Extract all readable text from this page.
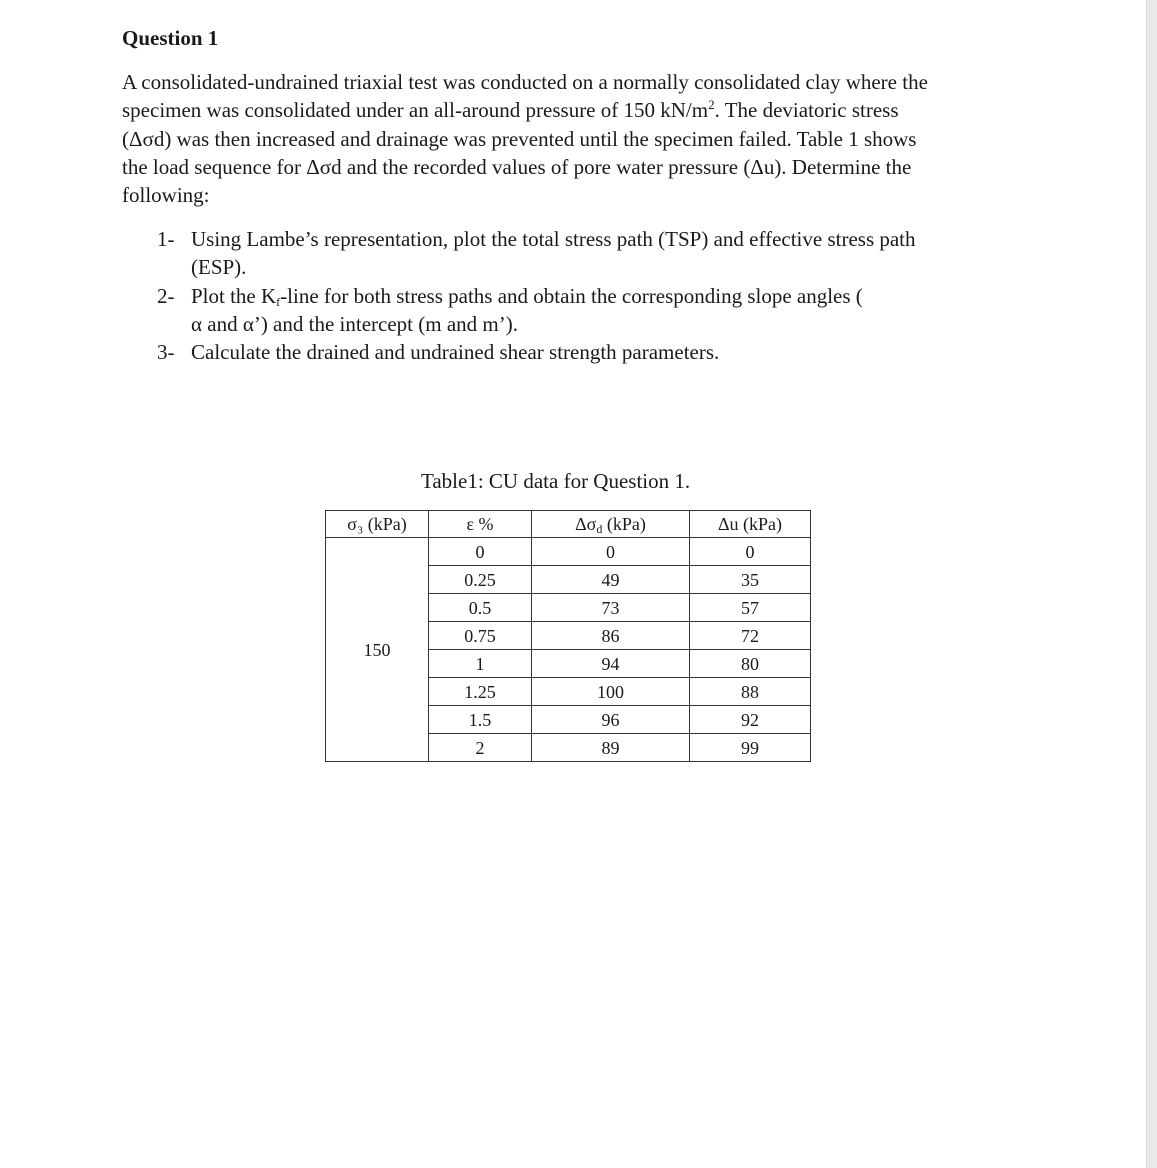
Question 1
A consolidated-undrained triaxial test was conducted on a normally consolidated clay where the
specimen was consolidated under an all-around pressure of 150 $kN/m^2$. The deviatoric stress
(Δσd) was then increased and drainage was prevented until the specimen failed. Table 1 shows
the load sequence for Δσd and the recorded values of pore water pressure (Δu). Determine the
following:
1- Using Lambe’s representation, plot the total stress path (TSP) and effective stress path
(ESP).
2- Plot the $K_f$-line for both stress paths and obtain the corresponding slope angles (
α and α’) and the intercept (m and m’).
3- Calculate the drained and undrained shear strength parameters.
Table1: CU data for Question 1.
σ₃ (kPa)	ε %	$\Delta\sigma_d$ (kPa)	Δu (kPa)
150	0	0	0
	0.25	49	35
	0.5	73	57
	0.75	86	72
	1	94	80
	1.25	100	88
	1.5	96	92
	2	89	99
